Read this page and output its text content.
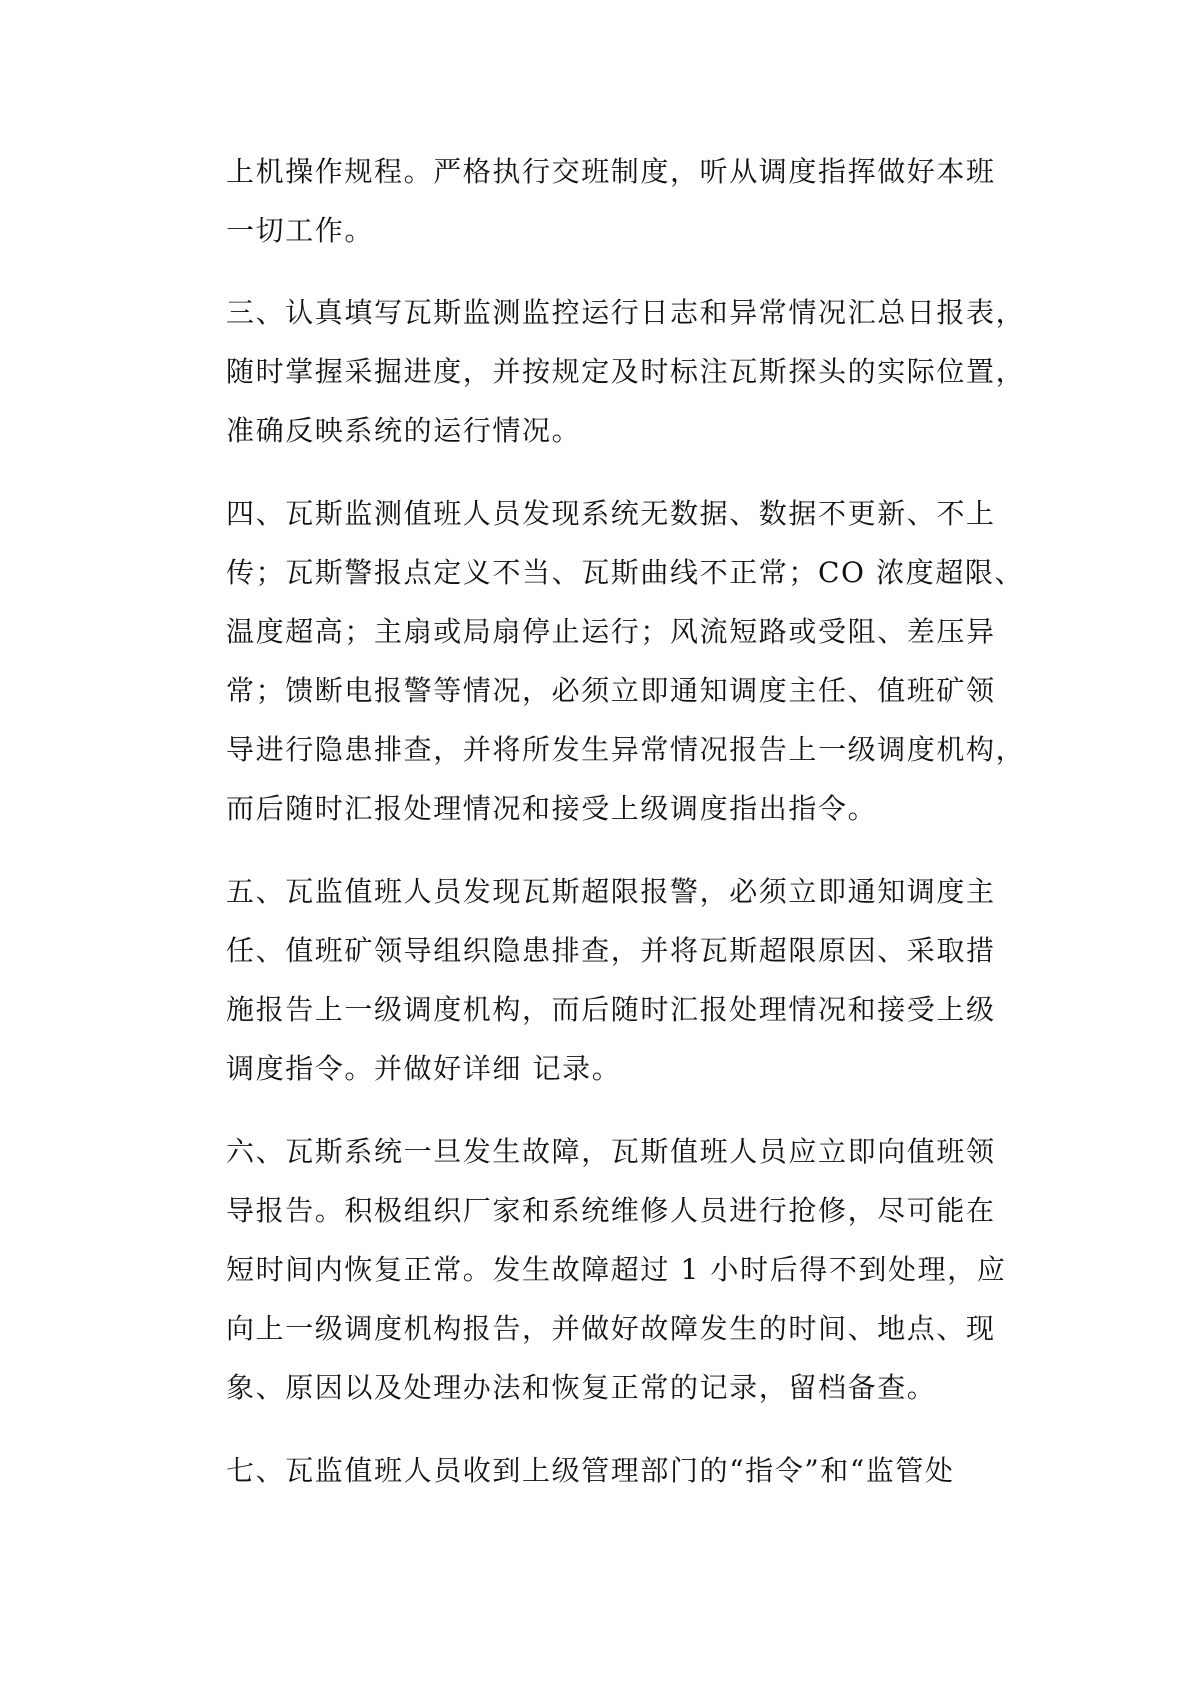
上机操作规程。严格执行交班制度，听从调度指挥做好本班
一切工作。
三、认真填写瓦斯监测监控运行日志和异常情况汇总日报表，
随时掌握采掘进度，并按规定及时标注瓦斯探头的实际位置，
准确反映系统的运行情况。
四、瓦斯监测值班人员发现系统无数据、数据不更新、不上
传；瓦斯警报点定义不当、瓦斯曲线不正常；CO 浓度超限、
温度超高；主扇或局扇停止运行；风流短路或受阻、差压异
常；馈断电报警等情况，必须立即通知调度主任、值班矿领
导进行隐患排查，并将所发生异常情况报告上一级调度机构，
而后随时汇报处理情况和接受上级调度指出指令。
五、瓦监值班人员发现瓦斯超限报警，必须立即通知调度主
任、值班矿领导组织隐患排查，并将瓦斯超限原因、采取措
施报告上一级调度机构，而后随时汇报处理情况和接受上级
调度指令。并做好详细 记录。
六、瓦斯系统一旦发生故障，瓦斯值班人员应立即向值班领
导报告。积极组织厂家和系统维修人员进行抢修，尽可能在
短时间内恢复正常。发生故障超过 1 小时后得不到处理，应
向上一级调度机构报告，并做好故障发生的时间、地点、现
象、原因以及处理办法和恢复正常的记录，留档备查。
七、瓦监值班人员收到上级管理部门的“指令”和“监管处
